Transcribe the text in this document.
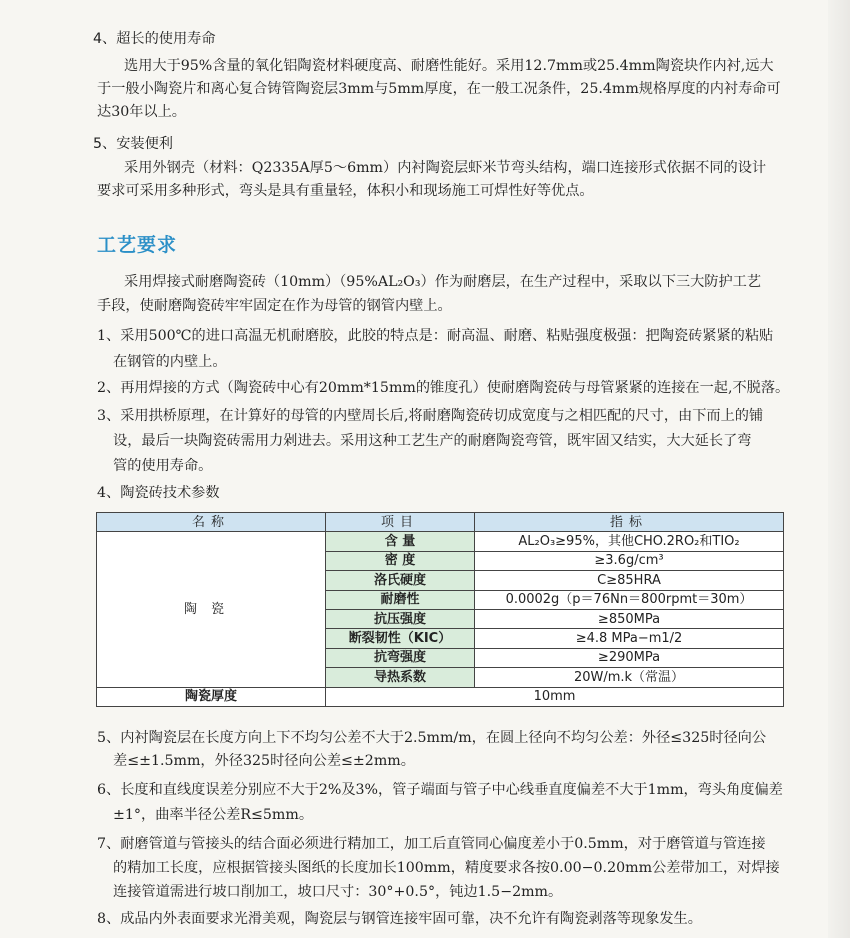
4、超长的使用寿命
选用大于95%含量的氧化铝陶瓷材料硬度高、耐磨性能好。采用12.7mm或25.4mm陶瓷块作内衬,远大
于一般小陶瓷片和离心复合铸管陶瓷层3mm与5mm厚度，在一般工况条件，25.4mm规格厚度的内衬寿命可
达30年以上。
5、安装便利
采用外钢壳（材料：Q2335A厚5～6mm）内衬陶瓷层虾米节弯头结构，端口连接形式依据不同的设计
要求可采用多种形式，弯头是具有重量轻，体积小和现场施工可焊性好等优点。
工艺要求
采用焊接式耐磨陶瓷砖（10mm）（95%AL₂O₃）作为耐磨层，在生产过程中，采取以下三大防护工艺
手段，使耐磨陶瓷砖牢牢固定在作为母管的钢管内壁上。
1、采用500℃的进口高温无机耐磨胶，此胶的特点是：耐高温、耐磨、粘贴强度极强：把陶瓷砖紧紧的粘贴
在钢管的内壁上。
2、再用焊接的方式（陶瓷砖中心有20mm*15mm的锥度孔）使耐磨陶瓷砖与母管紧紧的连接在一起,不脱落。
3、采用拱桥原理，在计算好的母管的内壁周长后,将耐磨陶瓷砖切成宽度与之相匹配的尺寸，由下而上的铺
设，最后一块陶瓷砖需用力剁进去。采用这种工艺生产的耐磨陶瓷弯管，既牢固又结实，大大延长了弯
管的使用寿命。
4、陶瓷砖技术参数
名称	项目	指标
陶瓷	含 量	AL₂O₃≥95%，其他CHO.2RO₂和TIO₂
	密 度	≥3.6g/cm³
	洛氏硬度	C≥85HRA
	耐磨性	0.0002g（p＝76Nn＝800rpmt＝30m）
	抗压强度	≥850MPa
	断裂韧性（KIC）	≥4.8 MPa−m1/2
	抗弯强度	≥290MPa
	导热系数	20W/m.k（常温）
陶瓷厚度	10mm	
5、内衬陶瓷层在长度方向上下不均匀公差不大于2.5mm/m，在圆上径向不均匀公差：外径≤325时径向公
差≤±1.5mm，外径325时径向公差≤±2mm。
6、长度和直线度误差分别应不大于2%及3%，管子端面与管子中心线垂直度偏差不大于1mm，弯头角度偏差
±1°，曲率半径公差R≤5mm。
7、耐磨管道与管接头的结合面必须进行精加工，加工后直管同心偏度差小于0.5mm，对于磨管道与管连接
的精加工长度，应根据管接头图纸的长度加长100mm，精度要求各按0.00−0.20mm公差带加工，对焊接
连接管道需进行坡口削加工，坡口尺寸：30°+0.5°，钝边1.5−2mm。
8、成品内外表面要求光滑美观，陶瓷层与钢管连接牢固可靠，决不允许有陶瓷剥落等现象发生。
